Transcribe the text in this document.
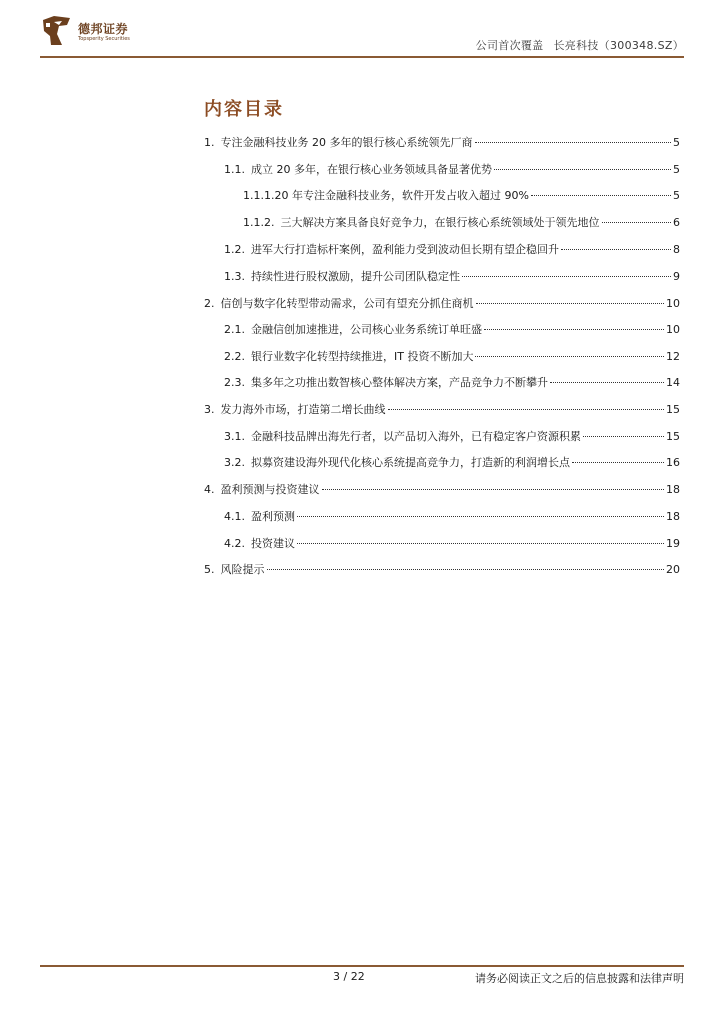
德邦证券
Topsperity Securities	公司首次覆盖 长亮科技（300348.SZ）
内容目录
1. 专注金融科技业务 20 多年的银行核心系统领先厂商	5
1.1. 成立 20 多年，在银行核心业务领域具备显著优势	5
1.1.1. 20 年专注金融科技业务，软件开发占收入超过 90%	5
1.1.2. 三大解决方案具备良好竞争力，在银行核心系统领域处于领先地位	6
1.2. 进军大行打造标杆案例，盈利能力受到波动但长期有望企稳回升	8
1.3. 持续性进行股权激励，提升公司团队稳定性	9
2. 信创与数字化转型带动需求，公司有望充分抓住商机	10
2.1. 金融信创加速推进，公司核心业务系统订单旺盛	10
2.2. 银行业数字化转型持续推进，IT 投资不断加大	12
2.3. 集多年之功推出数智核心整体解决方案，产品竞争力不断攀升	14
3. 发力海外市场，打造第二增长曲线	15
3.1. 金融科技品牌出海先行者，以产品切入海外，已有稳定客户资源积累	15
3.2. 拟募资建设海外现代化核心系统提高竞争力，打造新的利润增长点	16
4. 盈利预测与投资建议	18
4.1. 盈利预测	18
4.2. 投资建议	19
5. 风险提示	20
3 / 22	请务必阅读正文之后的信息披露和法律声明
